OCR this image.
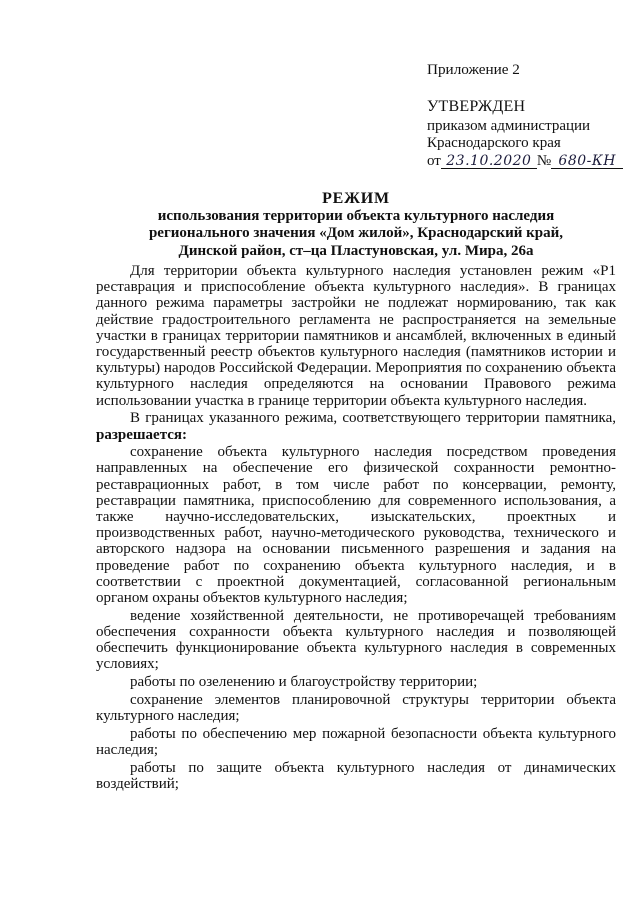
Приложение 2
УТВЕРЖДЕН
приказом администрации
Краснодарского края
от 23.10.2020 № 680-КН
РЕЖИМ
использования территории объекта культурного наследия
регионального значения «Дом жилой», Краснодарский край,
Динской район, ст–ца Пластуновская, ул. Мира, 26а

Для территории объекта культурного наследия установлен режим «Р1 реставрация и приспособление объекта культурного наследия». В границах данного режима параметры застройки не подлежат нормированию, так как действие градостроительного регламента не распространяется на земельные участки в границах территории памятников и ансамблей, включенных в единый государственный реестр объектов культурного наследия (памятников истории и культуры) народов Российской Федерации. Мероприятия по сохранению объекта культурного наследия определяются на основании Правового режима использовании участка в границе территории объекта культурного наследия.

В границах указанного режима, соответствующего территории памятника, разрешается:

сохранение объекта культурного наследия посредством проведения направленных на обеспечение его физической сохранности ремонтно-реставрационных работ, в том числе работ по консервации, ремонту, реставрации памятника, приспособлению для современного использования, а также научно-исследовательских, изыскательских, проектных и производственных работ, научно-методического руководства, технического и авторского надзора на основании письменного разрешения и задания на проведение работ по сохранению объекта культурного наследия, и в соответствии с проектной документацией, согласованной региональным органом охраны объектов культурного наследия;

ведение хозяйственной деятельности, не противоречащей требованиям обеспечения сохранности объекта культурного наследия и позволяющей обеспечить функционирование объекта культурного наследия в современных условиях;

работы по озеленению и благоустройству территории;

сохранение элементов планировочной структуры территории объекта культурного наследия;

работы по обеспечению мер пожарной безопасности объекта культурного наследия;

работы по защите объекта культурного наследия от динамических воздействий;
